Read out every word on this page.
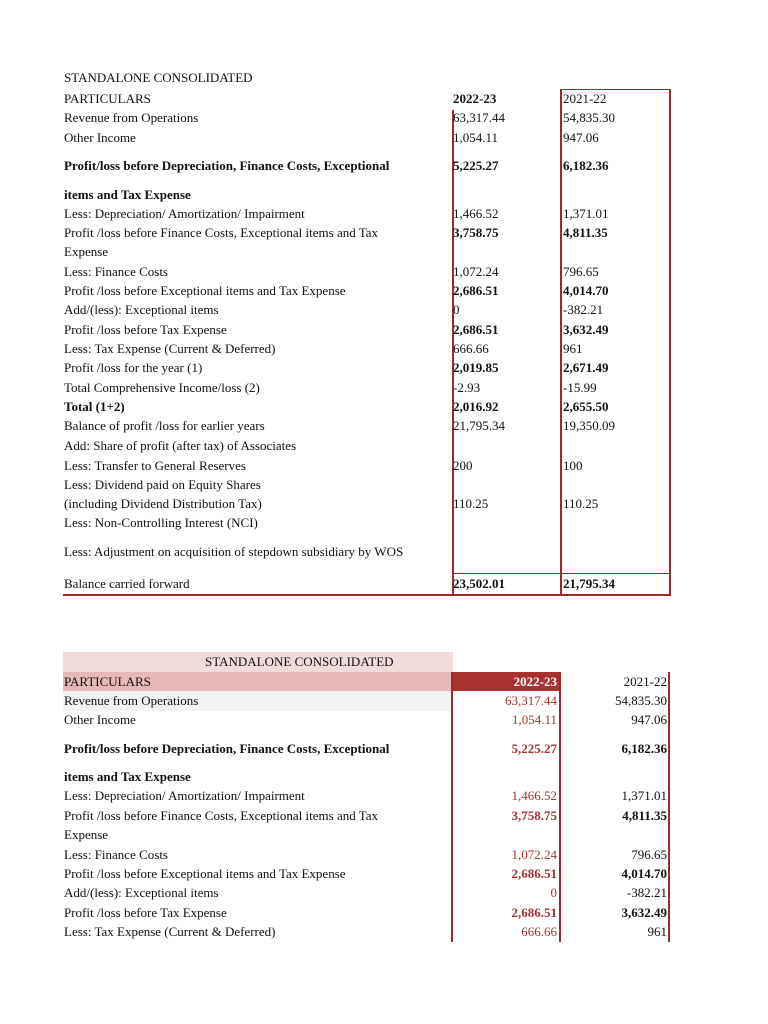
STANDALONE CONSOLIDATED
PARTICULARS	2022-23	2021-22
Revenue from Operations	63,317.44	54,835.30
Other Income	1,054.11	947.06
Profit/loss before Depreciation, Finance Costs, Exceptional	5,225.27	6,182.36
items and Tax Expense
Less: Depreciation/ Amortization/ Impairment	1,466.52	1,371.01
Profit /loss before Finance Costs, Exceptional items and Tax	3,758.75	4,811.35
Expense
Less: Finance Costs	1,072.24	796.65
Profit /loss before Exceptional items and Tax Expense	2,686.51	4,014.70
Add/(less): Exceptional items	0	-382.21
Profit /loss before Tax Expense	2,686.51	3,632.49
Less: Tax Expense (Current & Deferred)	666.66	961
Profit /loss for the year (1)	2,019.85	2,671.49
Total Comprehensive Income/loss (2)	-2.93	-15.99
Total (1+2)	2,016.92	2,655.50
Balance of profit /loss for earlier years	21,795.34	19,350.09
Add: Share of profit (after tax) of Associates
Less: Transfer to General Reserves	200	100
Less: Dividend paid on Equity Shares
(including Dividend Distribution Tax)	110.25	110.25
Less: Non-Controlling Interest (NCI)
Less: Adjustment on acquisition of stepdown subsidiary by WOS
Balance carried forward	23,502.01	21,795.34
STANDALONE CONSOLIDATED
PARTICULARS	2022-23	2021-22
Revenue from Operations	63,317.44	54,835.30
Other Income	1,054.11	947.06
Profit/loss before Depreciation, Finance Costs, Exceptional	5,225.27	6,182.36
items and Tax Expense
Less: Depreciation/ Amortization/ Impairment	1,466.52	1,371.01
Profit /loss before Finance Costs, Exceptional items and Tax	3,758.75	4,811.35
Expense
Less: Finance Costs	1,072.24	796.65
Profit /loss before Exceptional items and Tax Expense	2,686.51	4,014.70
Add/(less): Exceptional items	0	-382.21
Profit /loss before Tax Expense	2,686.51	3,632.49
Less: Tax Expense (Current & Deferred)	666.66	961
